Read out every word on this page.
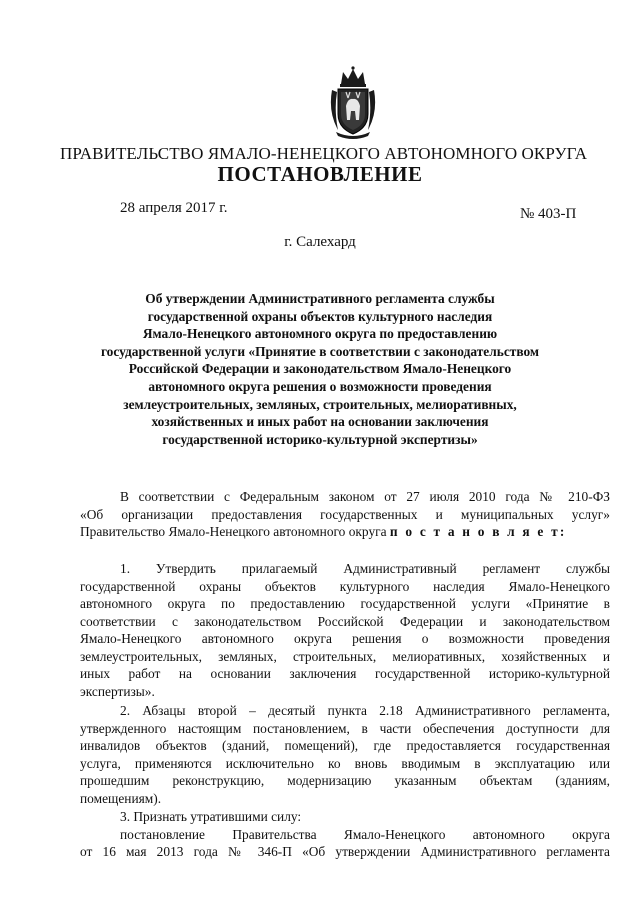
ПРАВИТЕЛЬСТВО ЯМАЛО-НЕНЕЦКОГО АВТОНОМНОГО ОКРУГА
ПОСТАНОВЛЕНИЕ
28 апреля 2017 г.	№ 403-П
г. Салехард
Об утверждении Административного регламента службы
государственной охраны объектов культурного наследия
Ямало-Ненецкого автономного округа по предоставлению
государственной услуги «Принятие в соответствии с законодательством
Российской Федерации и законодательством Ямало-Ненецкого
автономного округа решения о возможности проведения
землеустроительных, земляных, строительных, мелиоративных,
хозяйственных и иных работ на основании заключения
государственной историко-культурной экспертизы»
В соответствии с Федеральным законом от 27 июля 2010 года № 210-ФЗ
«Об организации предоставления государственных и муниципальных услуг»
Правительство Ямало-Ненецкого автономного округа п о с т а н о в л я е т:
1. Утвердить прилагаемый Административный регламент службы
государственной охраны объектов культурного наследия Ямало-Ненецкого
автономного округа по предоставлению государственной услуги «Принятие в
соответствии с законодательством Российской Федерации и законодательством
Ямало-Ненецкого автономного округа решения о возможности проведения
землеустроительных, земляных, строительных, мелиоративных, хозяйственных и
иных работ на основании заключения государственной историко-культурной
экспертизы».
2. Абзацы второй – десятый пункта 2.18 Административного регламента,
утвержденного настоящим постановлением, в части обеспечения доступности для
инвалидов объектов (зданий, помещений), где предоставляется государственная
услуга, применяются исключительно ко вновь вводимым в эксплуатацию или
прошедшим реконструкцию, модернизацию указанным объектам (зданиям,
помещениям).
3. Признать утратившими силу:
постановление Правительства Ямало-Ненецкого автономного округа
от 16 мая 2013 года № 346-П «Об утверждении Административного регламента
